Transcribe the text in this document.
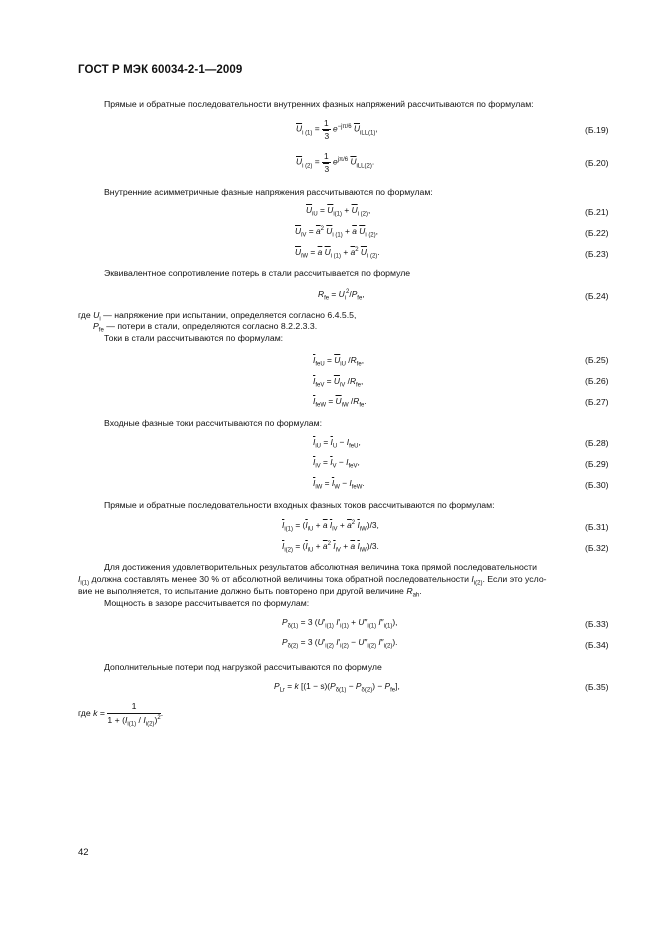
ГОСТ Р МЭК 60034-2-1—2009
Прямые и обратные последовательности внутренних фазных напряжений рассчитываются по формулам:
$\overline{U}_{i (1)} = \frac{1}{3} e^{-j\pi/6}$ $\overline{U}_{iLL(1)}$,	(Б.19)
$\overline{U}_{i (2)} = \frac{1}{3} e^{j\pi/6}$ $\overline{U}_{iLL(2)}$.	(Б.20)
Внутренние асимметричные фазные напряжения рассчитываются по формулам:
$\overline{U}_{iU} = \overline{U}_{i(1)} + \overline{U}_{i (2)}$,	(Б.21)
$\overline{U}_{iV} = \overline{a}^2$ $\overline{U}_{i (1)} + \overline{a}$ $\overline{U}_{i (2)}$,	(Б.22)
$\overline{U}_{iW} = \overline{a}$ $\overline{U}_{i (1)} + \overline{a}^2$ $\overline{U}_{i (2)}$.	(Б.23)
Эквивалентное сопротивление потерь в стали рассчитывается по формуле
$R_{fe} = U_i^2/P_{fe}$,	(Б.24)
где $U_i$ — напряжение при испытании, определяется согласно 6.4.5.5,
$P_{fe}$ — потери в стали, определяются согласно 8.2.2.3.3.
Токи в стали рассчитываются по формулам:
$\overline{I}_{feU} = \overline{U}_{iU}$ $/R_{fe}$,	(Б.25)
$\overline{I}_{feV} = \overline{U}_{iV}$ $/R_{fe}$,	(Б.26)
$\overline{I}_{feW} = \overline{U}_{iW}$ $/R_{fe}$.	(Б.27)
Входные фазные токи рассчитываются по формулам:
$\overline{I}_{iU} = \overline{I}_U - I_{feU}$,	(Б.28)
$\overline{I}_{iV} = \overline{I}_V - I_{feV}$,	(Б.29)
$\overline{I}_{iW} = \overline{I}_W - I_{feW}$.	(Б.30)
Прямые и обратные последовательности входных фазных токов рассчитываются по формулам:
$\overline{I}_{i(1)} = (\overline{I}_{iU} + \overline{a}$ $\overline{I}_{iV} + \overline{a}^2$ $\overline{I}_{iW})/3$,	(Б.31)
$\overline{I}_{i(2)} = (\overline{I}_{iU} + \overline{a}^2$ $\overline{I}_{iV} + \overline{a}$ $\overline{I}_{iW})/3$.	(Б.32)
Для достижения удовлетворительных результатов абсолютная величина тока прямой последовательности
$I_{i(1)}$ должна составлять менее 30 % от абсолютной величины тока обратной последовательности $I_{i(2)}$. Если это усло-
вие не выполняется, то испытание должно быть повторено при другой величине $R_{ah}$.
Мощность в зазоре рассчитывается по формулам:
$P_{\delta(1)} = 3$ ($U'_{i(1)}$ $I'_{i(1)} + U''_{i(1)}$ $I''_{i(1)}$),	(Б.33)
$P_{\delta(2)} = 3$ ($U'_{i(2)}$ $I'_{i(2)} - U''_{i(2)}$ $I''_{i(2)}$).	(Б.34)
Дополнительные потери под нагрузкой рассчитываются по формуле
$P_{Lr} = k$ $[(1 - s)(P_{\delta(1)} - P_{\delta(2)}) - P_{fe}]$,	(Б.35)
где $k = \frac{1}{1 + (I_{i(1)} / I_{i(2)})^2}$ .
42
